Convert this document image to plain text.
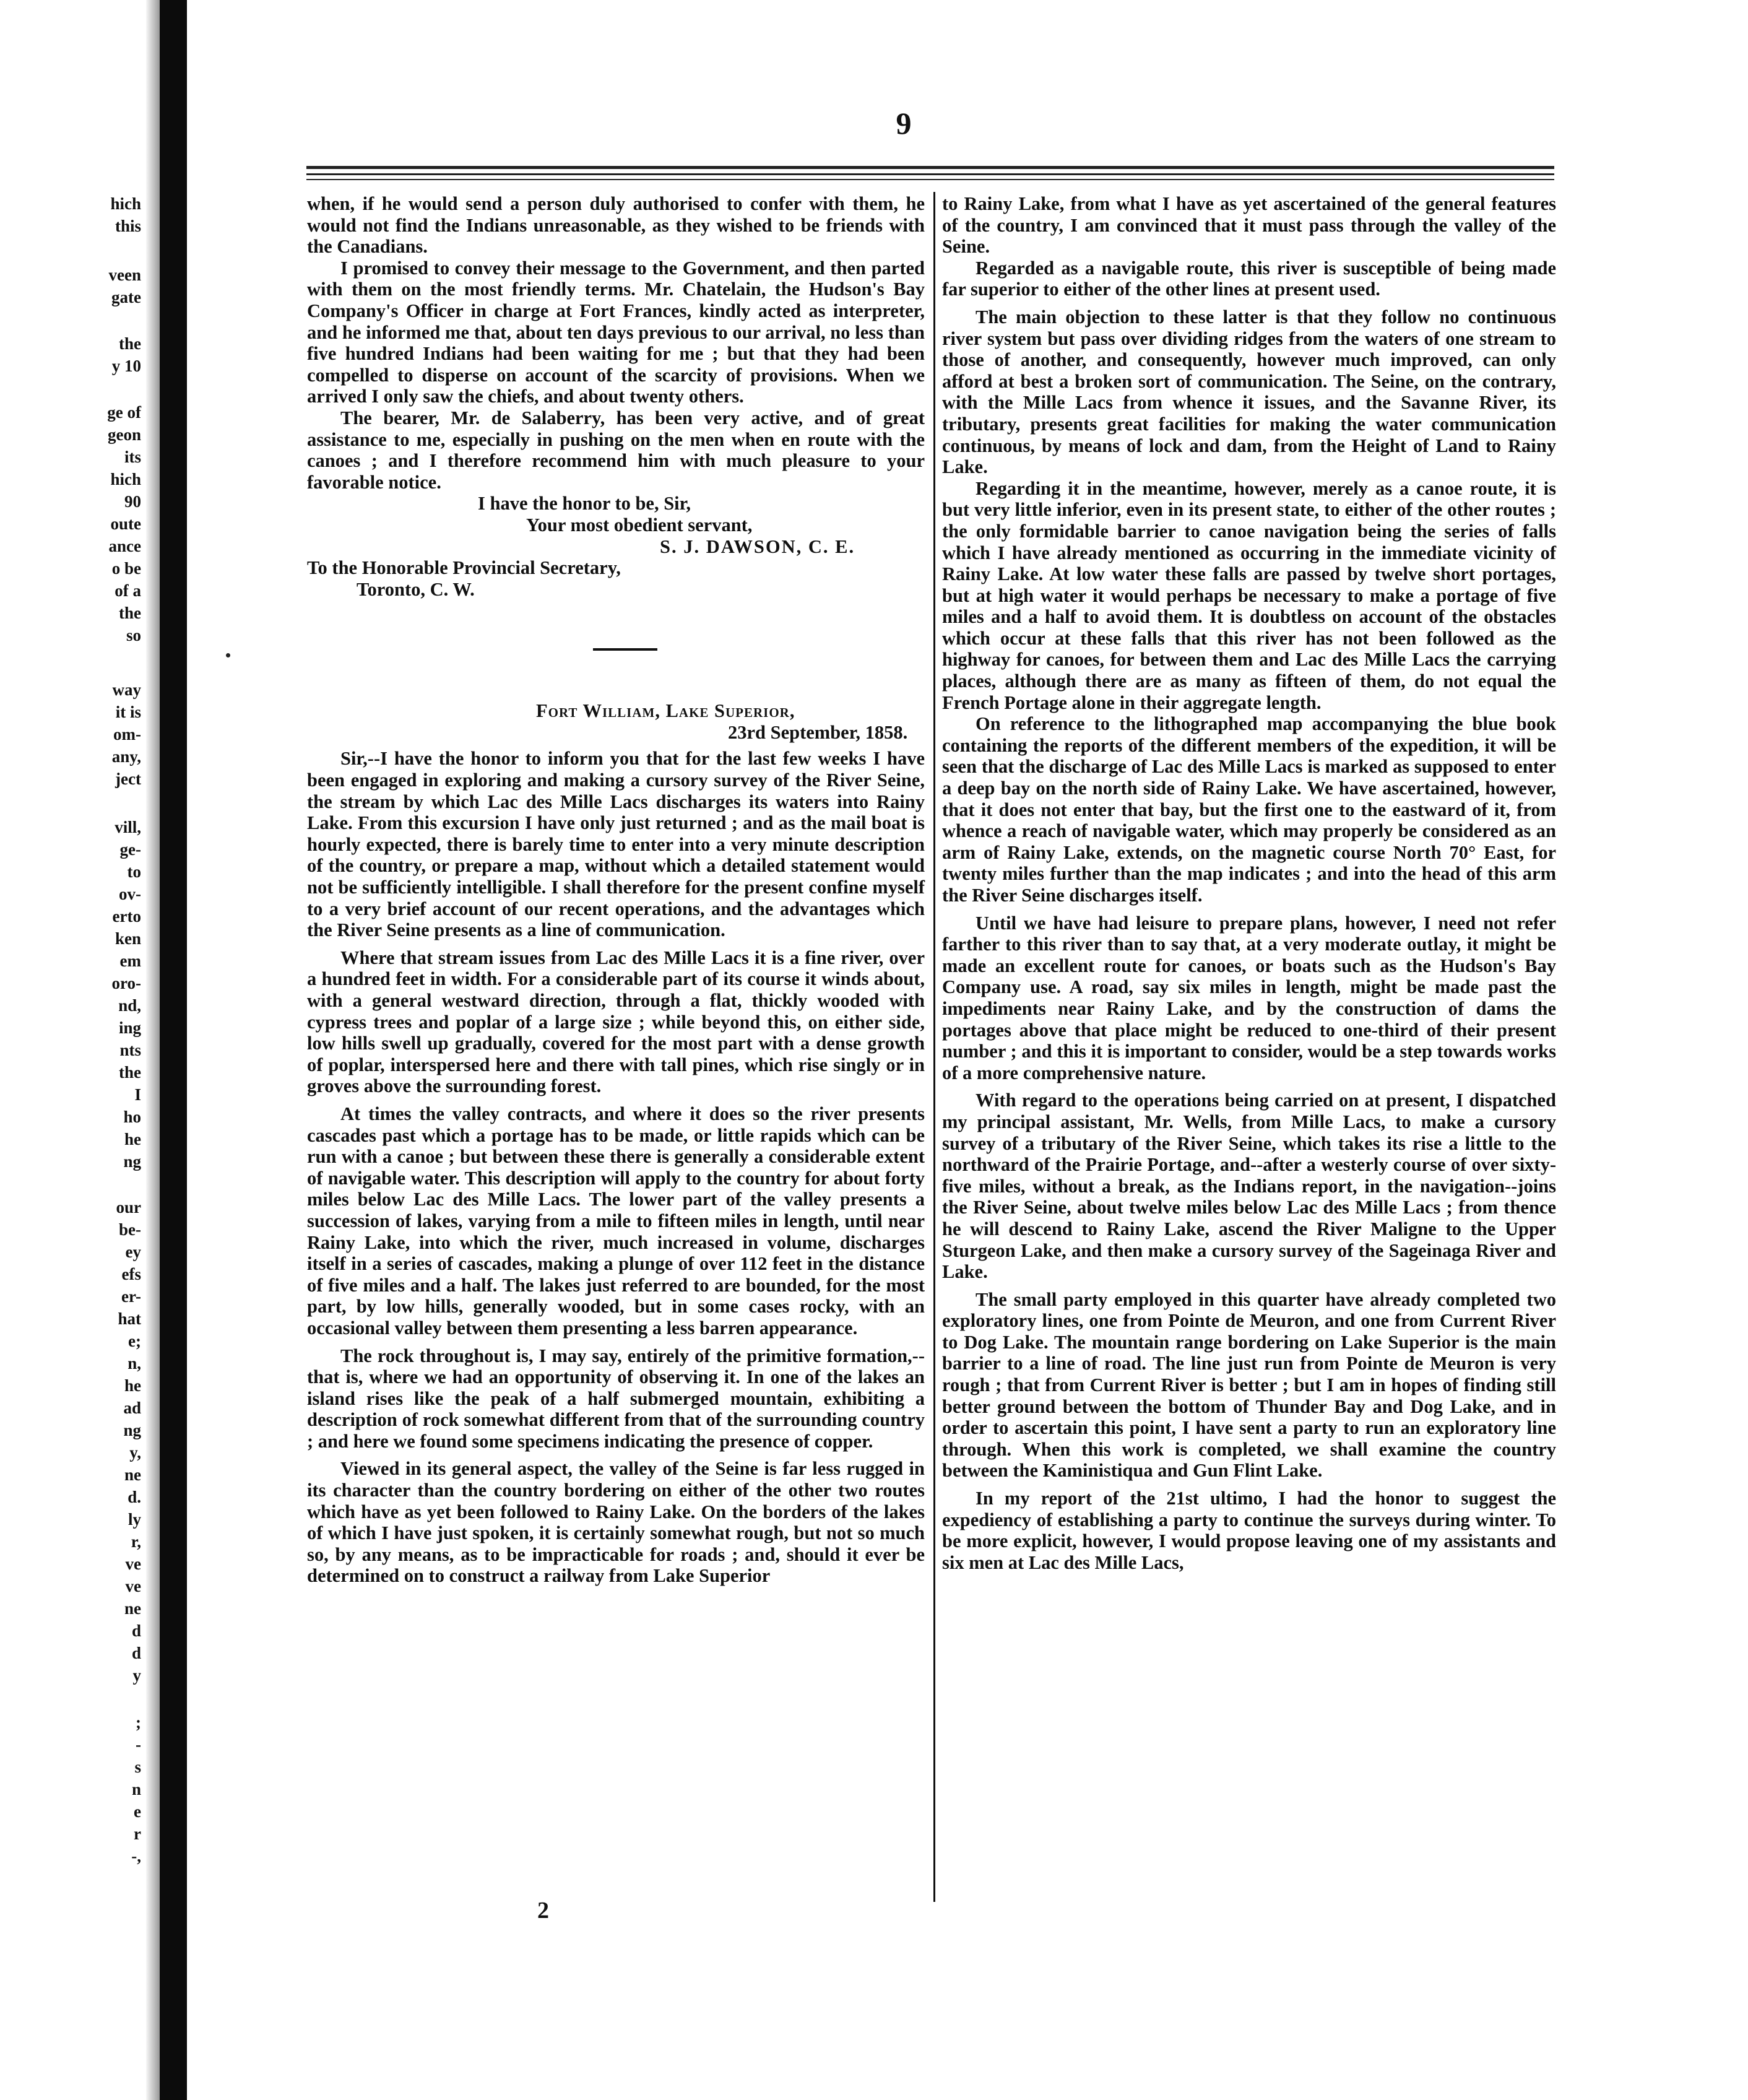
hich
this
veen
gate
the
y 10
ge of
geon
its
hich
90
oute
ance
o be
of a
the
so
way
it is
om-
any,
ject
vill,
ge-
to
ov-
erto
ken
em
oro-
nd,
ing
nts
the
I
ho
he
ng
our
be-
ey
efs
er-
hat
e;
n,
he
ad
ng
y,
ne
d.
ly
r,
ve
ve
ne
d
d
y
;
-
s
n
e
r
-,
9

when, if he would send a person duly authorised to confer with them, he would not find the Indians unreasonable, as they wished to be friends with the Canadians.

I promised to convey their message to the Government, and then parted with them on the most friendly terms. Mr. Chatelain, the Hudson's Bay Company's Officer in charge at Fort Frances, kindly acted as interpreter, and he informed me that, about ten days previous to our arrival, no less than five hundred Indians had been waiting for me ; but that they had been compelled to disperse on account of the scarcity of provisions. When we arrived I only saw the chiefs, and about twenty others.

The bearer, Mr. de Salaberry, has been very active, and of great assistance to me, especially in pushing on the men when en route with the canoes ; and I therefore recommend him with much pleasure to your favorable notice.

I have the honor to be, Sir,
Your most obedient servant,
S. J. DAWSON, C. E.
To the Honorable Provincial Secretary,
Toronto, C. W.
Fort William, Lake Superior,
23rd September, 1858.

Sir,--I have the honor to inform you that for the last few weeks I have been engaged in exploring and making a cursory survey of the River Seine, the stream by which Lac des Mille Lacs discharges its waters into Rainy Lake. From this excursion I have only just returned ; and as the mail boat is hourly expected, there is barely time to enter into a very minute description of the country, or prepare a map, without which a detailed statement would not be sufficiently intelligible. I shall therefore for the present confine myself to a very brief account of our recent operations, and the advantages which the River Seine presents as a line of communication.

Where that stream issues from Lac des Mille Lacs it is a fine river, over a hundred feet in width. For a considerable part of its course it winds about, with a general westward direction, through a flat, thickly wooded with cypress trees and poplar of a large size ; while beyond this, on either side, low hills swell up gradually, covered for the most part with a dense growth of poplar, interspersed here and there with tall pines, which rise singly or in groves above the surrounding forest.

At times the valley contracts, and where it does so the river presents cascades past which a portage has to be made, or little rapids which can be run with a canoe ; but between these there is generally a considerable extent of navigable water. This description will apply to the country for about forty miles below Lac des Mille Lacs. The lower part of the valley presents a succession of lakes, varying from a mile to fifteen miles in length, until near Rainy Lake, into which the river, much increased in volume, discharges itself in a series of cascades, making a plunge of over 112 feet in the distance of five miles and a half. The lakes just referred to are bounded, for the most part, by low hills, generally wooded, but in some cases rocky, with an occasional valley between them presenting a less barren appearance.

The rock throughout is, I may say, entirely of the primitive formation,--that is, where we had an opportunity of observing it. In one of the lakes an island rises like the peak of a half submerged mountain, exhibiting a description of rock somewhat different from that of the surrounding country ; and here we found some specimens indicating the presence of copper.

Viewed in its general aspect, the valley of the Seine is far less rugged in its character than the country bordering on either of the other two routes which have as yet been followed to Rainy Lake. On the borders of the lakes of which I have just spoken, it is certainly somewhat rough, but not so much so, by any means, as to be impracticable for roads ; and, should it ever be determined on to construct a railway from Lake Superior

to Rainy Lake, from what I have as yet ascertained of the general features of the country, I am convinced that it must pass through the valley of the Seine.

Regarded as a navigable route, this river is susceptible of being made far superior to either of the other lines at present used.

The main objection to these latter is that they follow no continuous river system but pass over dividing ridges from the waters of one stream to those of another, and consequently, however much improved, can only afford at best a broken sort of communication. The Seine, on the contrary, with the Mille Lacs from whence it issues, and the Savanne River, its tributary, presents great facilities for making the water communication continuous, by means of lock and dam, from the Height of Land to Rainy Lake.

Regarding it in the meantime, however, merely as a canoe route, it is but very little inferior, even in its present state, to either of the other routes ; the only formidable barrier to canoe navigation being the series of falls which I have already mentioned as occurring in the immediate vicinity of Rainy Lake. At low water these falls are passed by twelve short portages, but at high water it would perhaps be necessary to make a portage of five miles and a half to avoid them. It is doubtless on account of the obstacles which occur at these falls that this river has not been followed as the highway for canoes, for between them and Lac des Mille Lacs the carrying places, although there are as many as fifteen of them, do not equal the French Portage alone in their aggregate length.

On reference to the lithographed map accompanying the blue book containing the reports of the different members of the expedition, it will be seen that the discharge of Lac des Mille Lacs is marked as supposed to enter a deep bay on the north side of Rainy Lake. We have ascertained, however, that it does not enter that bay, but the first one to the eastward of it, from whence a reach of navigable water, which may properly be considered as an arm of Rainy Lake, extends, on the magnetic course North 70° East, for twenty miles further than the map indicates ; and into the head of this arm the River Seine discharges itself.

Until we have had leisure to prepare plans, however, I need not refer farther to this river than to say that, at a very moderate outlay, it might be made an excellent route for canoes, or boats such as the Hudson's Bay Company use. A road, say six miles in length, might be made past the impediments near Rainy Lake, and by the construction of dams the portages above that place might be reduced to one-third of their present number ; and this it is important to consider, would be a step towards works of a more comprehensive nature.

With regard to the operations being carried on at present, I dispatched my principal assistant, Mr. Wells, from Mille Lacs, to make a cursory survey of a tributary of the River Seine, which takes its rise a little to the northward of the Prairie Portage, and--after a westerly course of over sixty-five miles, without a break, as the Indians report, in the navigation--joins the River Seine, about twelve miles below Lac des Mille Lacs ; from thence he will descend to Rainy Lake, ascend the River Maligne to the Upper Sturgeon Lake, and then make a cursory survey of the Sageinaga River and Lake.

The small party employed in this quarter have already completed two exploratory lines, one from Pointe de Meuron, and one from Current River to Dog Lake. The mountain range bordering on Lake Superior is the main barrier to a line of road. The line just run from Pointe de Meuron is very rough ; that from Current River is better ; but I am in hopes of finding still better ground between the bottom of Thunder Bay and Dog Lake, and in order to ascertain this point, I have sent a party to run an exploratory line through. When this work is completed, we shall examine the country between the Kaministiqua and Gun Flint Lake.

In my report of the 21st ultimo, I had the honor to suggest the expediency of establishing a party to continue the surveys during winter. To be more explicit, however, I would propose leaving one of my assistants and six men at Lac des Mille Lacs,

2
